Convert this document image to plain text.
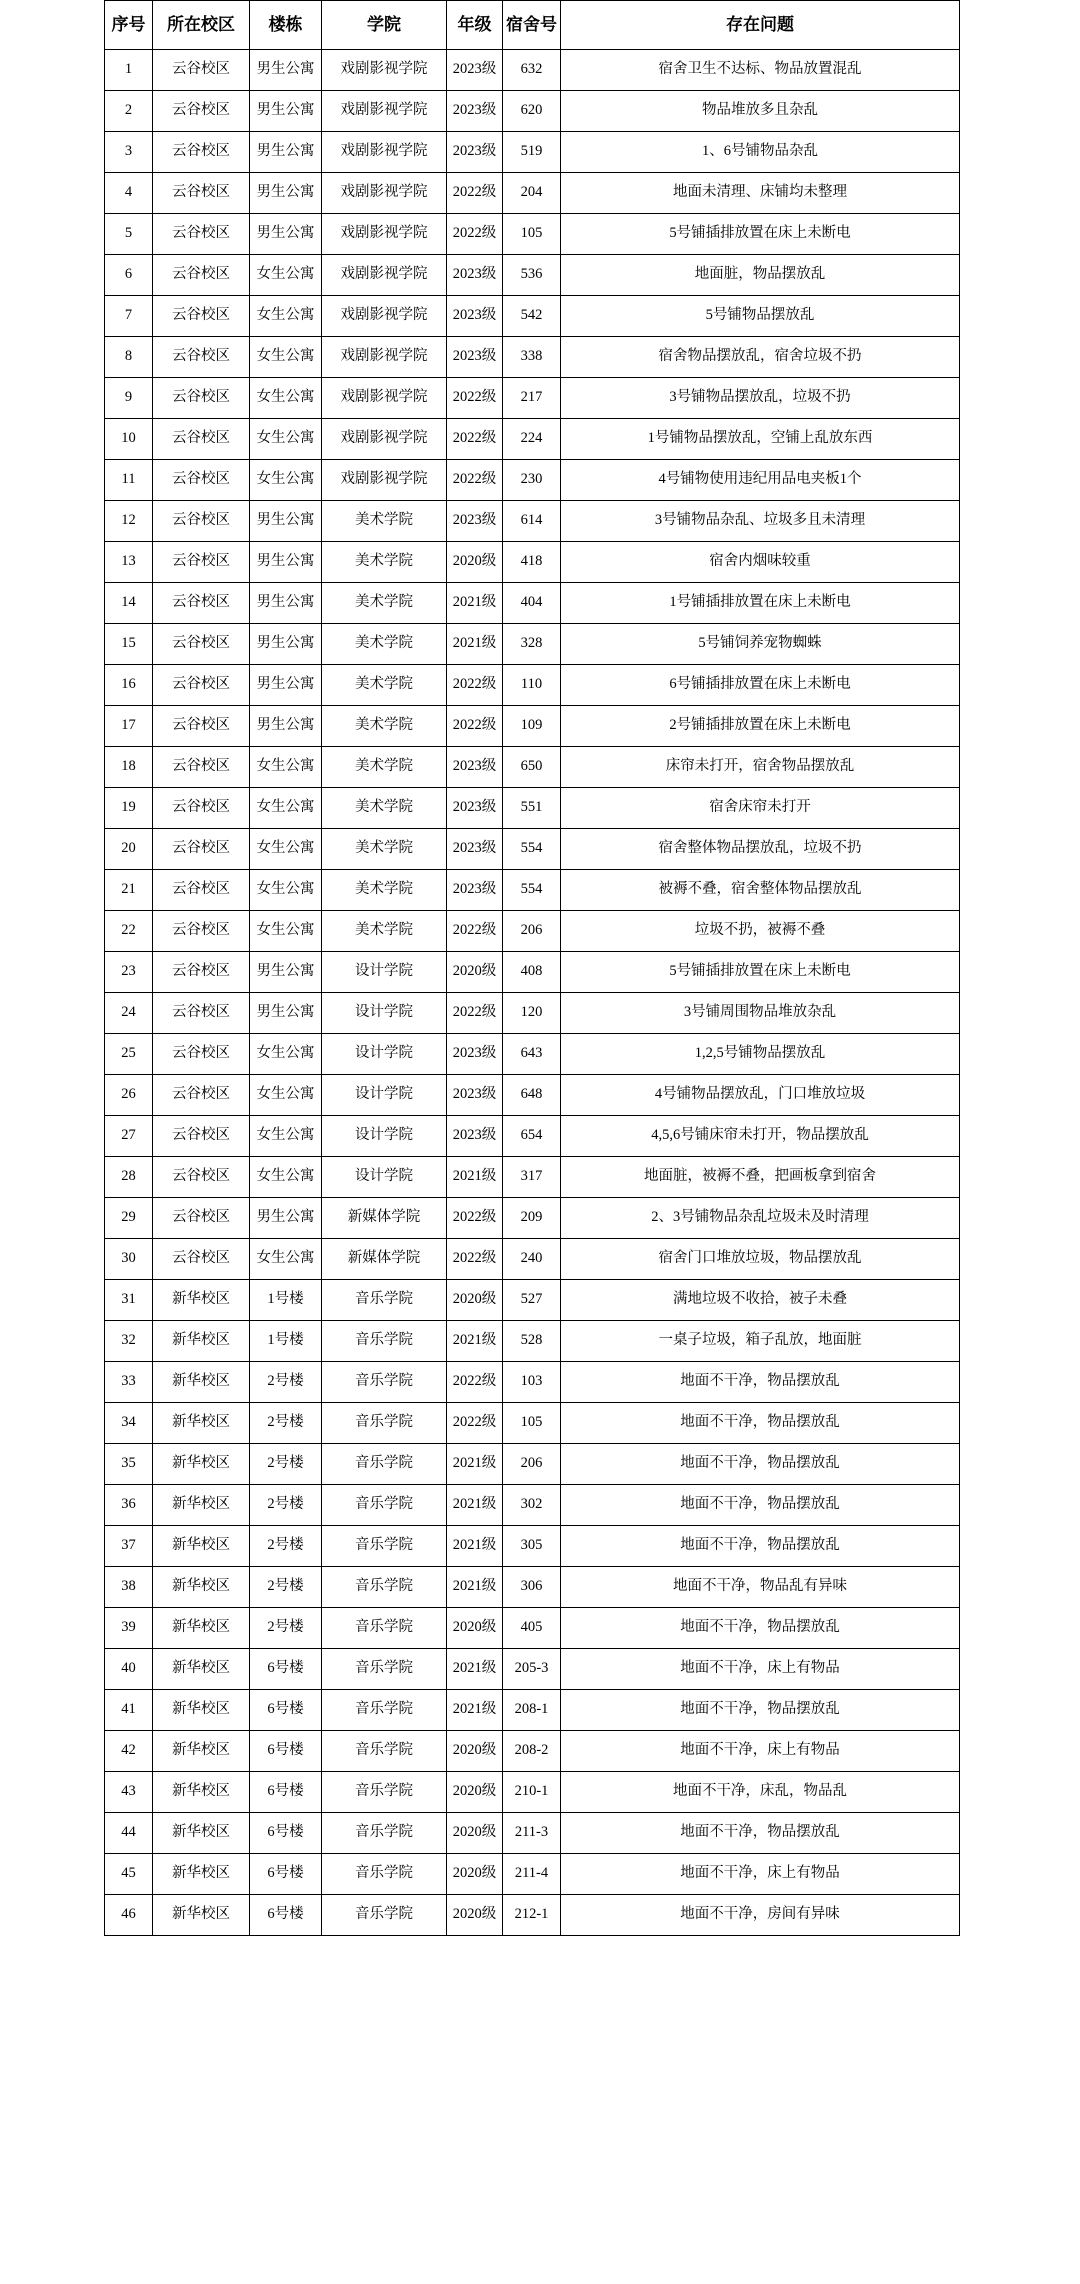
序号	所在校区	楼栋	学院	年级	宿舍号	存在问题
1	云谷校区	男生公寓	戏剧影视学院	2023级	632	宿舍卫生不达标、物品放置混乱
2	云谷校区	男生公寓	戏剧影视学院	2023级	620	物品堆放多且杂乱
3	云谷校区	男生公寓	戏剧影视学院	2023级	519	1、6号铺物品杂乱
4	云谷校区	男生公寓	戏剧影视学院	2022级	204	地面未清理、床铺均未整理
5	云谷校区	男生公寓	戏剧影视学院	2022级	105	5号铺插排放置在床上未断电
6	云谷校区	女生公寓	戏剧影视学院	2023级	536	地面脏，物品摆放乱
7	云谷校区	女生公寓	戏剧影视学院	2023级	542	5号铺物品摆放乱
8	云谷校区	女生公寓	戏剧影视学院	2023级	338	宿舍物品摆放乱，宿舍垃圾不扔
9	云谷校区	女生公寓	戏剧影视学院	2022级	217	3号铺物品摆放乱，垃圾不扔
10	云谷校区	女生公寓	戏剧影视学院	2022级	224	1号铺物品摆放乱，空铺上乱放东西
11	云谷校区	女生公寓	戏剧影视学院	2022级	230	4号铺物使用违纪用品电夹板1个
12	云谷校区	男生公寓	美术学院	2023级	614	3号铺物品杂乱、垃圾多且未清理
13	云谷校区	男生公寓	美术学院	2020级	418	宿舍内烟味较重
14	云谷校区	男生公寓	美术学院	2021级	404	1号铺插排放置在床上未断电
15	云谷校区	男生公寓	美术学院	2021级	328	5号铺饲养宠物蜘蛛
16	云谷校区	男生公寓	美术学院	2022级	110	6号铺插排放置在床上未断电
17	云谷校区	男生公寓	美术学院	2022级	109	2号铺插排放置在床上未断电
18	云谷校区	女生公寓	美术学院	2023级	650	床帘未打开，宿舍物品摆放乱
19	云谷校区	女生公寓	美术学院	2023级	551	宿舍床帘未打开
20	云谷校区	女生公寓	美术学院	2023级	554	宿舍整体物品摆放乱，垃圾不扔
21	云谷校区	女生公寓	美术学院	2023级	554	被褥不叠，宿舍整体物品摆放乱
22	云谷校区	女生公寓	美术学院	2022级	206	垃圾不扔，被褥不叠
23	云谷校区	男生公寓	设计学院	2020级	408	5号铺插排放置在床上未断电
24	云谷校区	男生公寓	设计学院	2022级	120	3号铺周围物品堆放杂乱
25	云谷校区	女生公寓	设计学院	2023级	643	1,2,5号铺物品摆放乱
26	云谷校区	女生公寓	设计学院	2023级	648	4号铺物品摆放乱，门口堆放垃圾
27	云谷校区	女生公寓	设计学院	2023级	654	4,5,6号铺床帘未打开，物品摆放乱
28	云谷校区	女生公寓	设计学院	2021级	317	地面脏，被褥不叠，把画板拿到宿舍
29	云谷校区	男生公寓	新媒体学院	2022级	209	2、3号铺物品杂乱垃圾未及时清理
30	云谷校区	女生公寓	新媒体学院	2022级	240	宿舍门口堆放垃圾，物品摆放乱
31	新华校区	1号楼	音乐学院	2020级	527	满地垃圾不收拾，被子未叠
32	新华校区	1号楼	音乐学院	2021级	528	一桌子垃圾，箱子乱放，地面脏
33	新华校区	2号楼	音乐学院	2022级	103	地面不干净，物品摆放乱
34	新华校区	2号楼	音乐学院	2022级	105	地面不干净，物品摆放乱
35	新华校区	2号楼	音乐学院	2021级	206	地面不干净，物品摆放乱
36	新华校区	2号楼	音乐学院	2021级	302	地面不干净，物品摆放乱
37	新华校区	2号楼	音乐学院	2021级	305	地面不干净，物品摆放乱
38	新华校区	2号楼	音乐学院	2021级	306	地面不干净，物品乱有异味
39	新华校区	2号楼	音乐学院	2020级	405	地面不干净，物品摆放乱
40	新华校区	6号楼	音乐学院	2021级	205-3	地面不干净，床上有物品
41	新华校区	6号楼	音乐学院	2021级	208-1	地面不干净，物品摆放乱
42	新华校区	6号楼	音乐学院	2020级	208-2	地面不干净，床上有物品
43	新华校区	6号楼	音乐学院	2020级	210-1	地面不干净，床乱，物品乱
44	新华校区	6号楼	音乐学院	2020级	211-3	地面不干净，物品摆放乱
45	新华校区	6号楼	音乐学院	2020级	211-4	地面不干净，床上有物品
46	新华校区	6号楼	音乐学院	2020级	212-1	地面不干净，房间有异味
